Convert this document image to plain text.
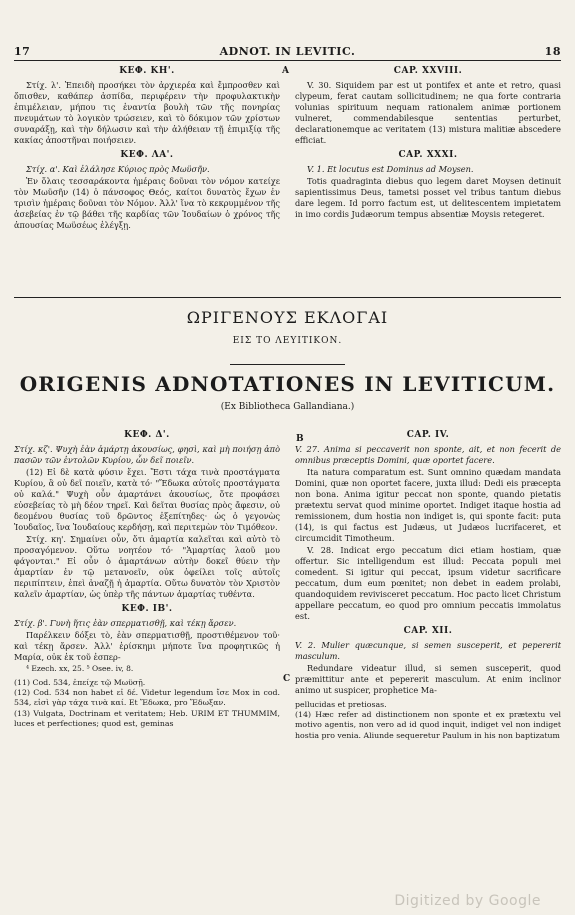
17	ADNOT. IN LEVITIC.	18
A
ΚΕΦ. ΚΗ'.

Στίχ. λ'. Ἐπειδὴ προσήκει τὸν ἀρχιερέα καὶ ἔμπροσθεν καὶ ὄπισθεν, καθάπερ ἀσπίδα, περιφέρειν τὴν προφυλακτικὴν ἐπιμέλειαν, μήπου τις ἐναντία βουλὴ τῶν τῆς πονηρίας πνευμάτων τὸ λογικὸν τρώσειεν, καὶ τὸ δόκιμον τῶν χρίστων συναράξῃ, καὶ τὴν δήλωσιν καὶ τὴν ἀλήθειαν τῇ ἐπιμιξίᾳ τῆς κακίας ἀποστῆναι ποιήσειεν.

ΚΕΦ. ΛΑ'.

Στίχ. α'. Καὶ ἐλάλησε Κύριος πρὸς Μωϋσῆν.

Ἐν ὅλαις τεσσαράκοντα ἡμέραις δοῦναι τὸν νόμον κατείχε τὸν Μωϋσῆν (14) ὁ πάνσοφος Θεός, καίτοι δυνατὸς ἔχων ἐν τρισὶν ἡμέραις δοῦναι τὸν Νόμον. Ἀλλ' ἵνα τὸ κεκρυμμένον τῆς ἀσεβείας ἐν τῷ βάθει τῆς καρδίας τῶν Ἰουδαίων ὁ χρόνος τῆς ἀπουσίας Μωϋσέως ἐλέγξῃ.

CAP. XXVIII.

V. 30. Siquidem par est ut pontifex et ante et retro, quasi clypeum, ferat cautam sollicitudinem; ne qua forte contraria volunias spirituum nequam rationalem animæ portionem vulneret, commendabilesque sententias perturbet, declarationemque ac veritatem (13) mistura malitiæ abscedere efficiat.

CAP. XXXI.

V. 1. Et locutus est Dominus ad Moysen.

Totis quadraginta diebus quo legem daret Moysen detinuit sapientissimus Deus, tametsi posset vel tribus tantum diebus dare legem. Id porro factum est, ut delitescentem impietatem in imo cordis Judæorum tempus absentiæ Moysis retegeret.

ΩΡΙΓΕΝΟΥΣ ΕΚΛΟΓΑΙ
ΕΙΣ ΤΟ ΛΕΥΙΤΙΚΟΝ.
ORIGENIS ADNOTATIONES IN LEVITICUM.
(Ex Bibliotheca Gallandiana.)
B
C
ΚΕΦ. Δ'.

Στίχ. κζ'. Ψυχὴ ἐὰν ἁμάρτῃ ἀκουσίως, φησὶ, καὶ μὴ ποιήσῃ ἀπὸ πασῶν τῶν ἐντολῶν Κυρίου, ὧν δεῖ ποιεῖν.

(12) Εἰ δὲ κατὰ φύσιν ἔχει. Ἔστι τάχα τινὰ προστάγματα Κυρίου, ἃ οὐ δεῖ ποιεῖν, κατὰ τό· "Ἔδωκα αὐτοῖς προστάγματα οὐ καλά." Ψυχὴ οὖν ἁμαρτάνει ἀκουσίως, ὅτε προφάσει εὐσεβείας τὸ μὴ δέον τηρεῖ. Καὶ δεῖται θυσίας πρὸς ἄφεσιν, οὐ δεομένου θυσίας τοῦ δρῶντος ἐξεπίτηδες· ὡς ὁ γεγονὼς Ἰουδαῖος, ἵνα Ἰουδαίους κερδήσῃ, καὶ περιτεμὼν τὸν Τιμόθεον.

Στίχ. κη'. Σημαίνει οὖν, ὅτι ἁμαρτία καλεῖται καὶ αὐτὸ τὸ προσαγόμενον. Οὕτω νοητέον τό· "Ἁμαρτίας λαοῦ μου φάγονται." Εἰ οὖν ὁ ἁμαρτάνων αὐτὴν δοκεῖ θύειν τὴν ἁμαρτίαν ἐν τῷ μετανοεῖν, οὐκ ὀφείλει τοῖς αὐτοῖς περιπίπτειν, ἐπεὶ ἀναζῇ ἡ ἁμαρτία. Οὕτω δυνατὸν τὸν Χριστὸν καλεῖν ἁμαρτίαν, ὡς ὑπὲρ τῆς πάντων ἁμαρτίας τυθέντα.

ΚΕΦ. ΙΒ'.

Στίχ. β'. Γυνὴ ἥτις ἐὰν σπερματισθῇ, καὶ τέκῃ ἄρσεν.

Παρέλκειν δόξει τὸ, ἐὰν σπερματισθῇ, προστιθέμενον τοῦ· καὶ τέκῃ ἄρσεν. Ἀλλ' ἐρίσκημι μήποτε ἵνα προφητικῶς ἡ Μαρία, οὐκ ἐκ τοῦ ἐσπερ-

⁴ Ezech. xx, 25. ⁵ Osee. iv, 8.

(11) Cod. 534, ἐπείχε τῷ Μωϋσῇ.

(12) Cod. 534 non habet εἰ δέ. Videtur legendum ἴσε Mox in cod. 534, εἰσὶ γὰρ τάχα τινὰ καί. Et Ἔδωκα, pro Ἔδωξαν.

(13) Vulgata, Doctrinam et veritatem; Heb. URIM ET THUMMIM, luces et perfectiones; quod est, geminas

CAP. IV.

V. 27. Anima si peccaverit non sponte, ait, et non fecerit de omnibus præceptis Domini, quæ oportet facere.

Ita natura comparatum est. Sunt omnino quædam mandata Domini, quæ non oportet facere, juxta illud: Dedi eis præcepta non bona. Anima igitur peccat non sponte, quando pietatis prætextu servat quod minime oportet. Indiget itaque hostia ad remissionem, dum hostia non indiget is, qui sponte facit: puta (14), is qui factus est Judæus, ut Judæos lucrifaceret, et circumcidit Timotheum.

V. 28. Indicat ergo peccatum dici etiam hostiam, quæ offertur. Sic intelligendum est illud: Peccata populi mei comedent. Si igitur qui peccat, ipsum videtur sacrificare peccatum, dum eum pœnitet; non debet in eadem prolabi, quandoquidem revivisceret peccatum. Hoc pacto licet Christum appellare peccatum, eo quod pro omnium peccatis immolatus est.

CAP. XII.

V. 2. Mulier quæcunque, si semen susceperit, et pepererit masculum.

Redundare videatur illud, si semen susceperit, quod præmittitur ante et pepererit masculum. At enim inclinor animo ut suspicer, prophetice Ma-

pellucidas et pretiosas.

(14) Hæc refer ad distinctionem non sponte et ex prætextu vel motivo agentis, non vero ad id quod inquit, indiget vel non indiget hostia pro venia. Aliunde sequeretur Paulum in his non baptizatum

Digitized by Google
